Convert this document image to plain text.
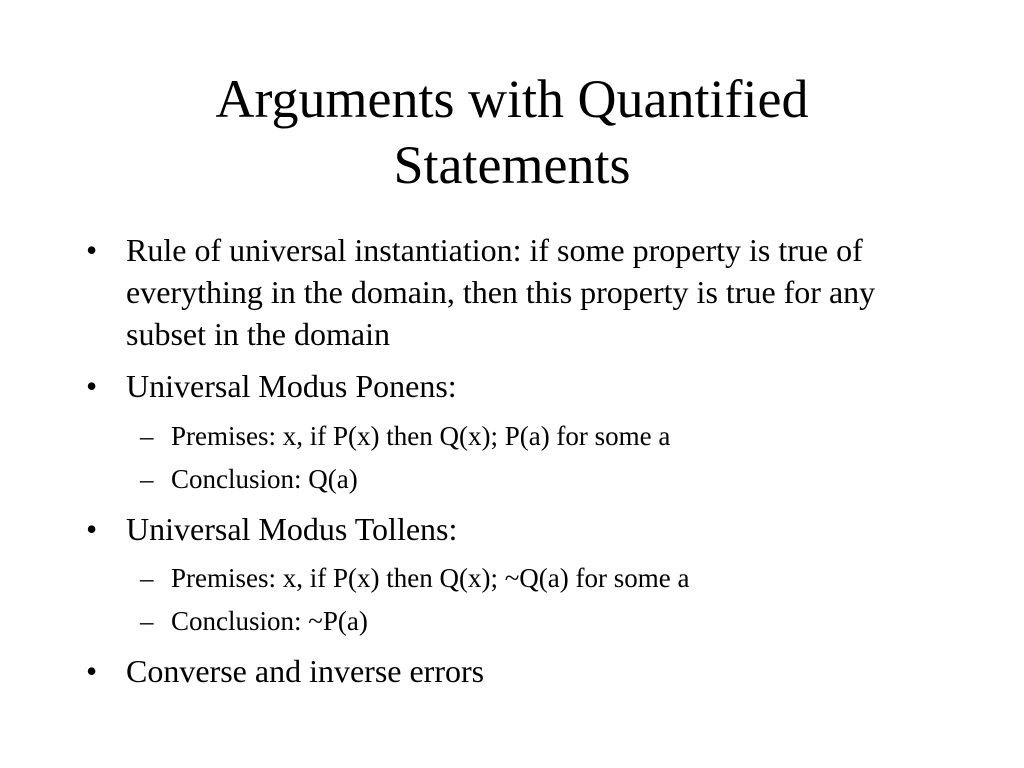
Arguments with Quantified
Statements
• Rule of universal instantiation: if some property is true of everything in the domain, then this property is true for any subset in the domain
• Universal Modus Ponens:
– Premises: x, if P(x) then Q(x); P(a) for some a
– Conclusion: Q(a)
• Universal Modus Tollens:
– Premises: x, if P(x) then Q(x); ~Q(a) for some a
– Conclusion: ~P(a)
• Converse and inverse errors
